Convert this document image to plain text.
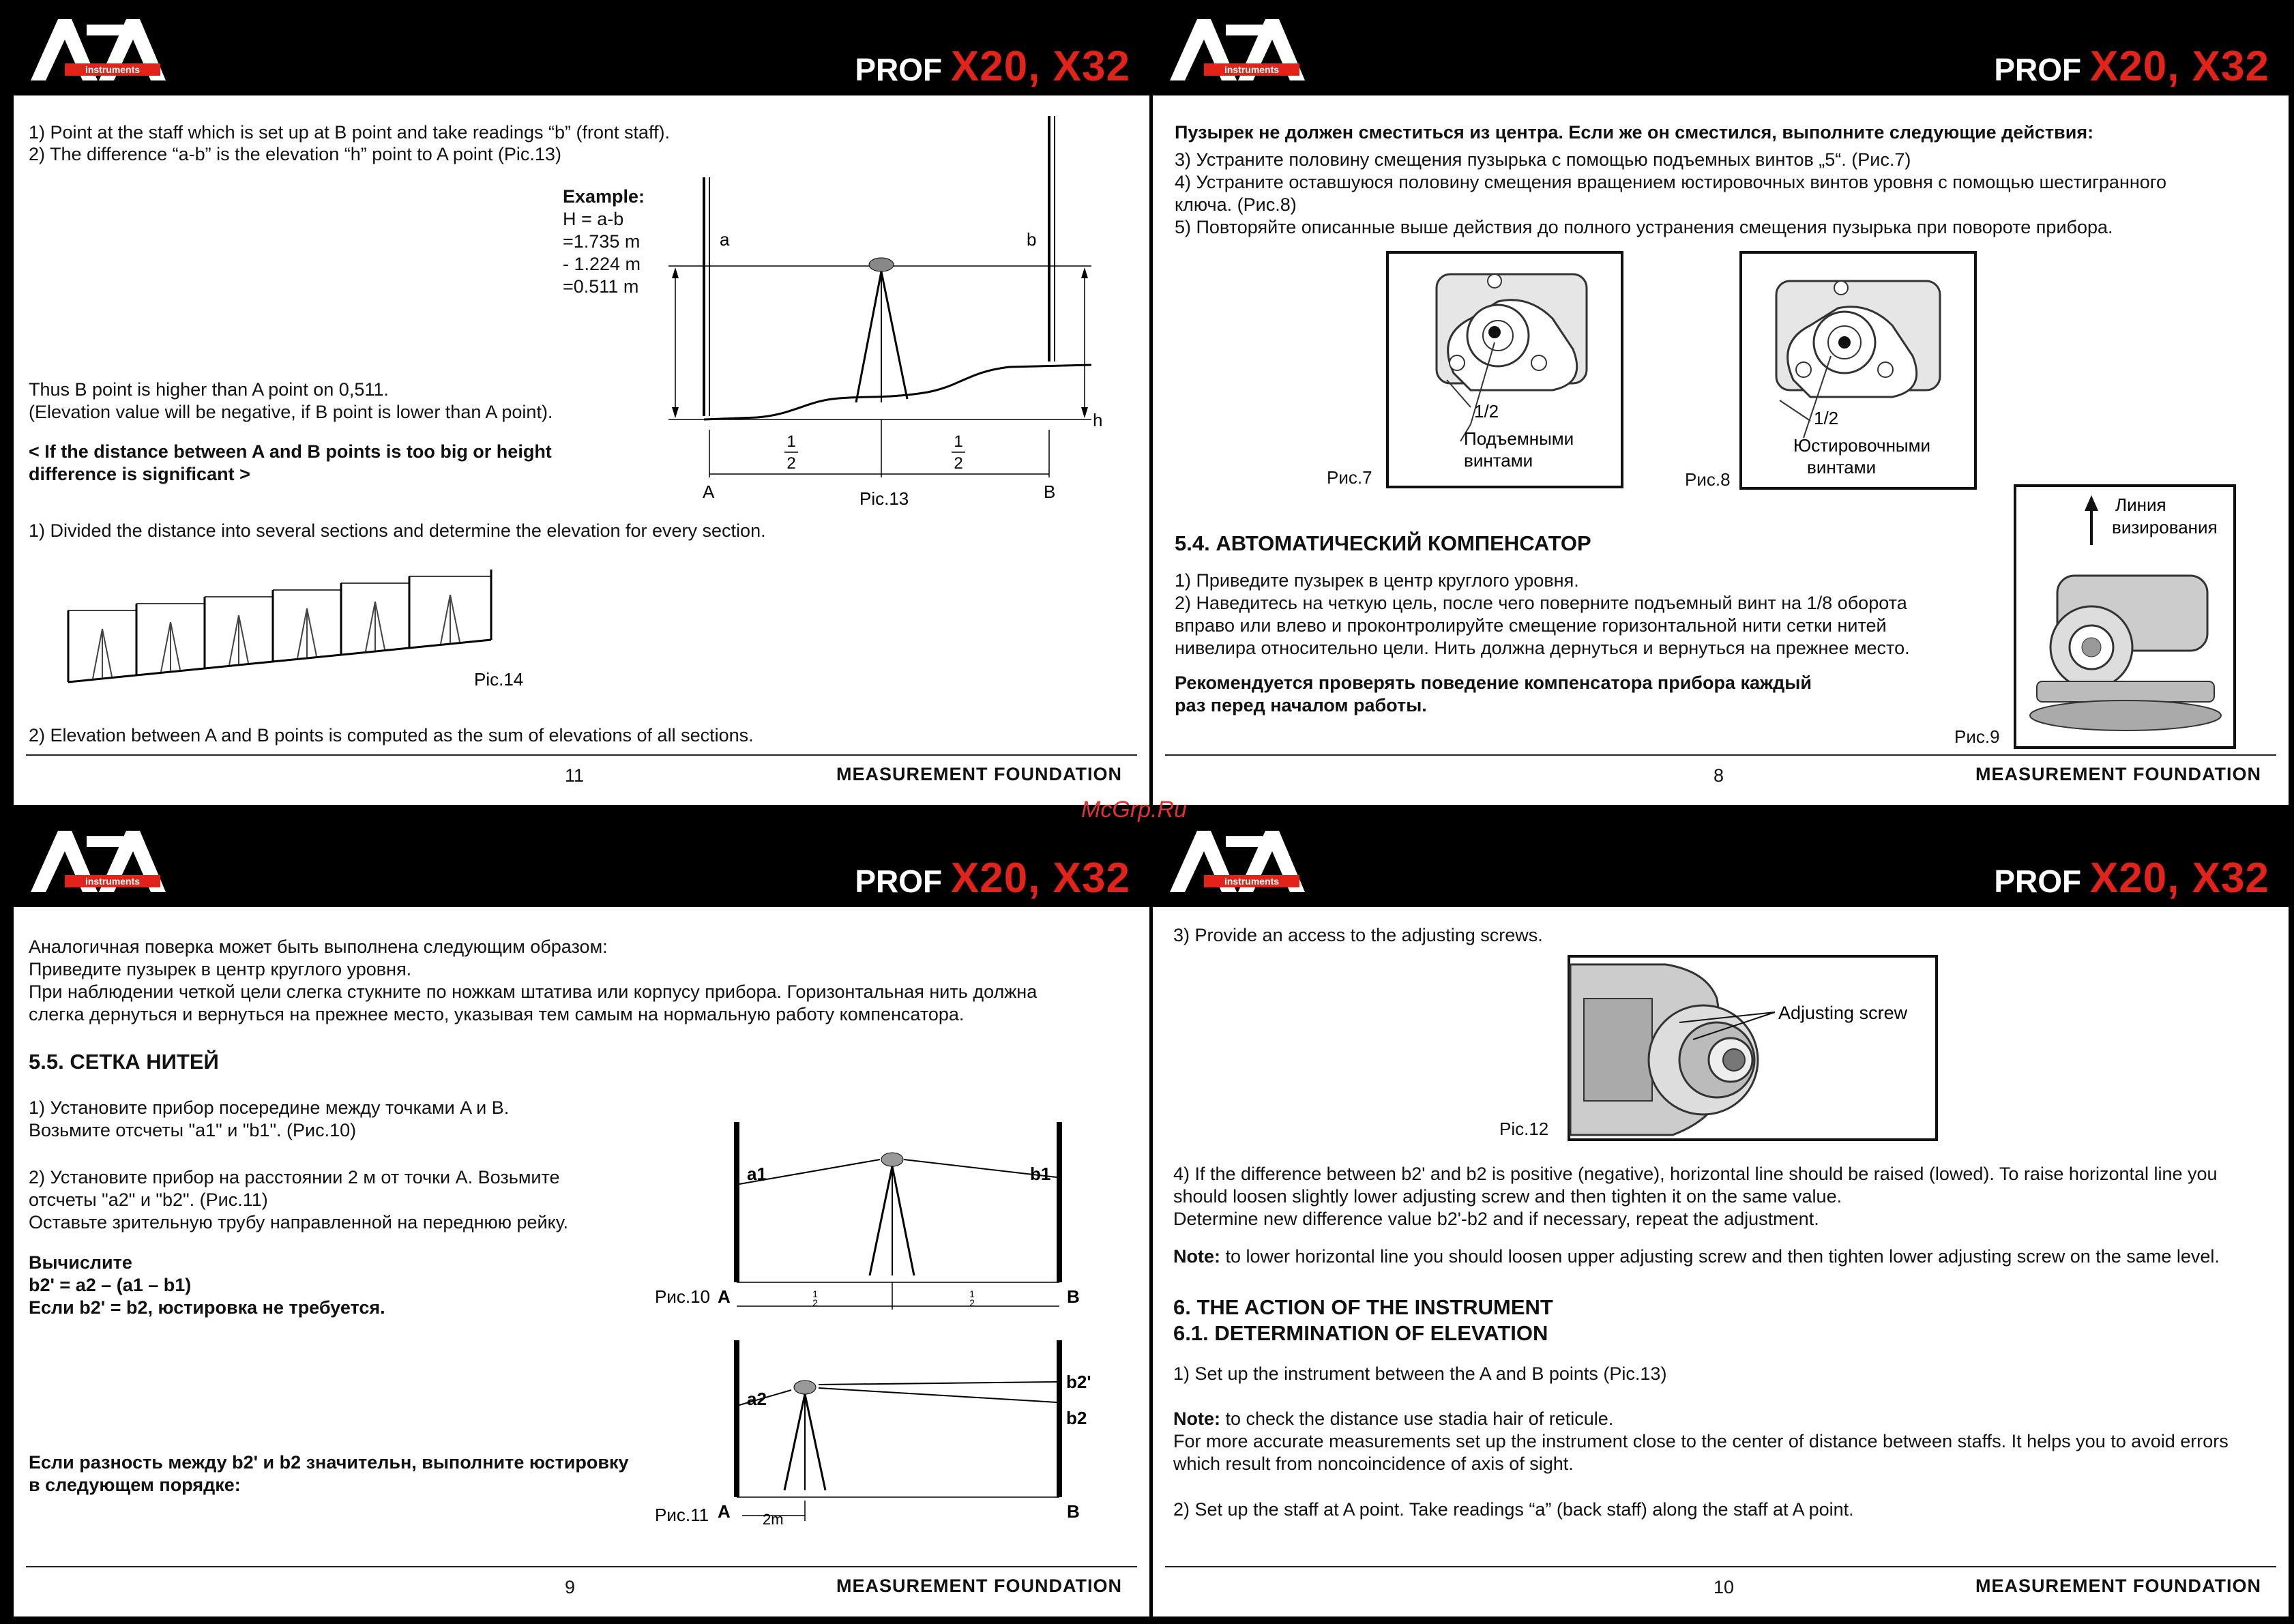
instruments	PROF X20, X32
1) Point at the staff which is set up at B point and take readings “b” (front staff).
2) The difference “a-b” is the elevation “h” point to A point (Pic.13)
Example:
H = a-b
=1.735 m
- 1.224 m
=0.511 m
Thus B point is higher than A point on 0,511.
(Elevation value will be negative, if B point is lower than A point).
< If the distance between A and B points is too big or height
difference is significant >
1) Divided the distance into several sections and determine the elevation for every section.
2) Elevation between A and B points is computed as the sum of elevations of all sections.
a	b
h
A	B
1
2
1
2
Pic.13
Pic.14
11	MEASUREMENT FOUNDATION
instruments	PROF X20, X32
Пузырек не должен сместиться из центра. Если же он сместился, выполните следующие действия:
3) Устраните половину смещения пузырька с помощью подъемных винтов „5“. (Рис.7)
4) Устраните оставшуюся половину смещения вращением юстировочных винтов уровня с помощью шестигранного
ключа. (Рис.8)
5) Повторяйте описанные выше действия до полного устранения смещения пузырька при повороте прибора.
1/2
Подъемными
винтами
Рис.7
1/2
Юстировочными
винтами
Рис.8
Линия
визирования
Рис.9
5.4. АВТОМАТИЧЕСКИЙ КОМПЕНСАТОР
1) Приведите пузырек в центр круглого уровня.
2) Наведитесь на четкую цель, после чего поверните подъемный винт на 1/8 оборота
вправо или влево и проконтролируйте смещение горизонтальной нити сетки нитей
нивелира относительно цели. Нить должна дернуться и вернуться на прежнее место.
Рекомендуется проверять поведение компенсатора прибора каждый
раз перед началом работы.
8	MEASUREMENT FOUNDATION
instruments	PROF X20, X32
Аналогичная поверка может быть выполнена следующим образом:
Приведите пузырек в центр круглого уровня.
При наблюдении четкой цели слегка стукните по ножкам штатива или корпусу прибора. Горизонтальная нить должна
слегка дернуться и вернуться на прежнее место, указывая тем самым на нормальную работу компенсатора.
5.5. СЕТКА НИТЕЙ
1) Установите прибор посередине между точками A и B.
Возьмите отсчеты "a1" и "b1". (Рис.10)
2) Установите прибор на расстоянии 2 м от точки А. Возьмите
отсчеты "a2" и "b2". (Рис.11)
Оставьте зрительную трубу направленной на переднюю рейку.
Вычислите
b2' = a2 – (a1 – b1)
Если b2' = b2, юстировка не требуется.
Если разность между b2' и b2 значительн, выполните юстировку
в следующем порядке:
a1	b1
A	B
1
2
1
2
Рис.10
a2
b2'
b2
A	B
2m
Рис.11
9	MEASUREMENT FOUNDATION
instruments	PROF X20, X32
3) Provide an access to the adjusting screws.
Adjusting screw
Pic.12
4) If the difference between b2' and b2 is positive (negative), horizontal line should be raised (lowed). To raise horizontal line you
should loosen slightly lower adjusting screw and then tighten it on the same value.
Determine new difference value b2'-b2 and if necessary, repeat the adjustment.
Note: to lower horizontal line you should loosen upper adjusting screw and then tighten lower adjusting screw on the same level.
6. THE ACTION OF THE INSTRUMENT
6.1. DETERMINATION OF ELEVATION
1) Set up the instrument between the A and B points (Pic.13)
Note: to check the distance use stadia hair of reticule.
For more accurate measurements set up the instrument close to the center of distance between staffs. It helps you to avoid errors
which result from noncoincidence of axis of sight.
2) Set up the staff at A point. Take readings “a” (back staff) along the staff at A point.
10	MEASUREMENT FOUNDATION
McGrp.Ru
